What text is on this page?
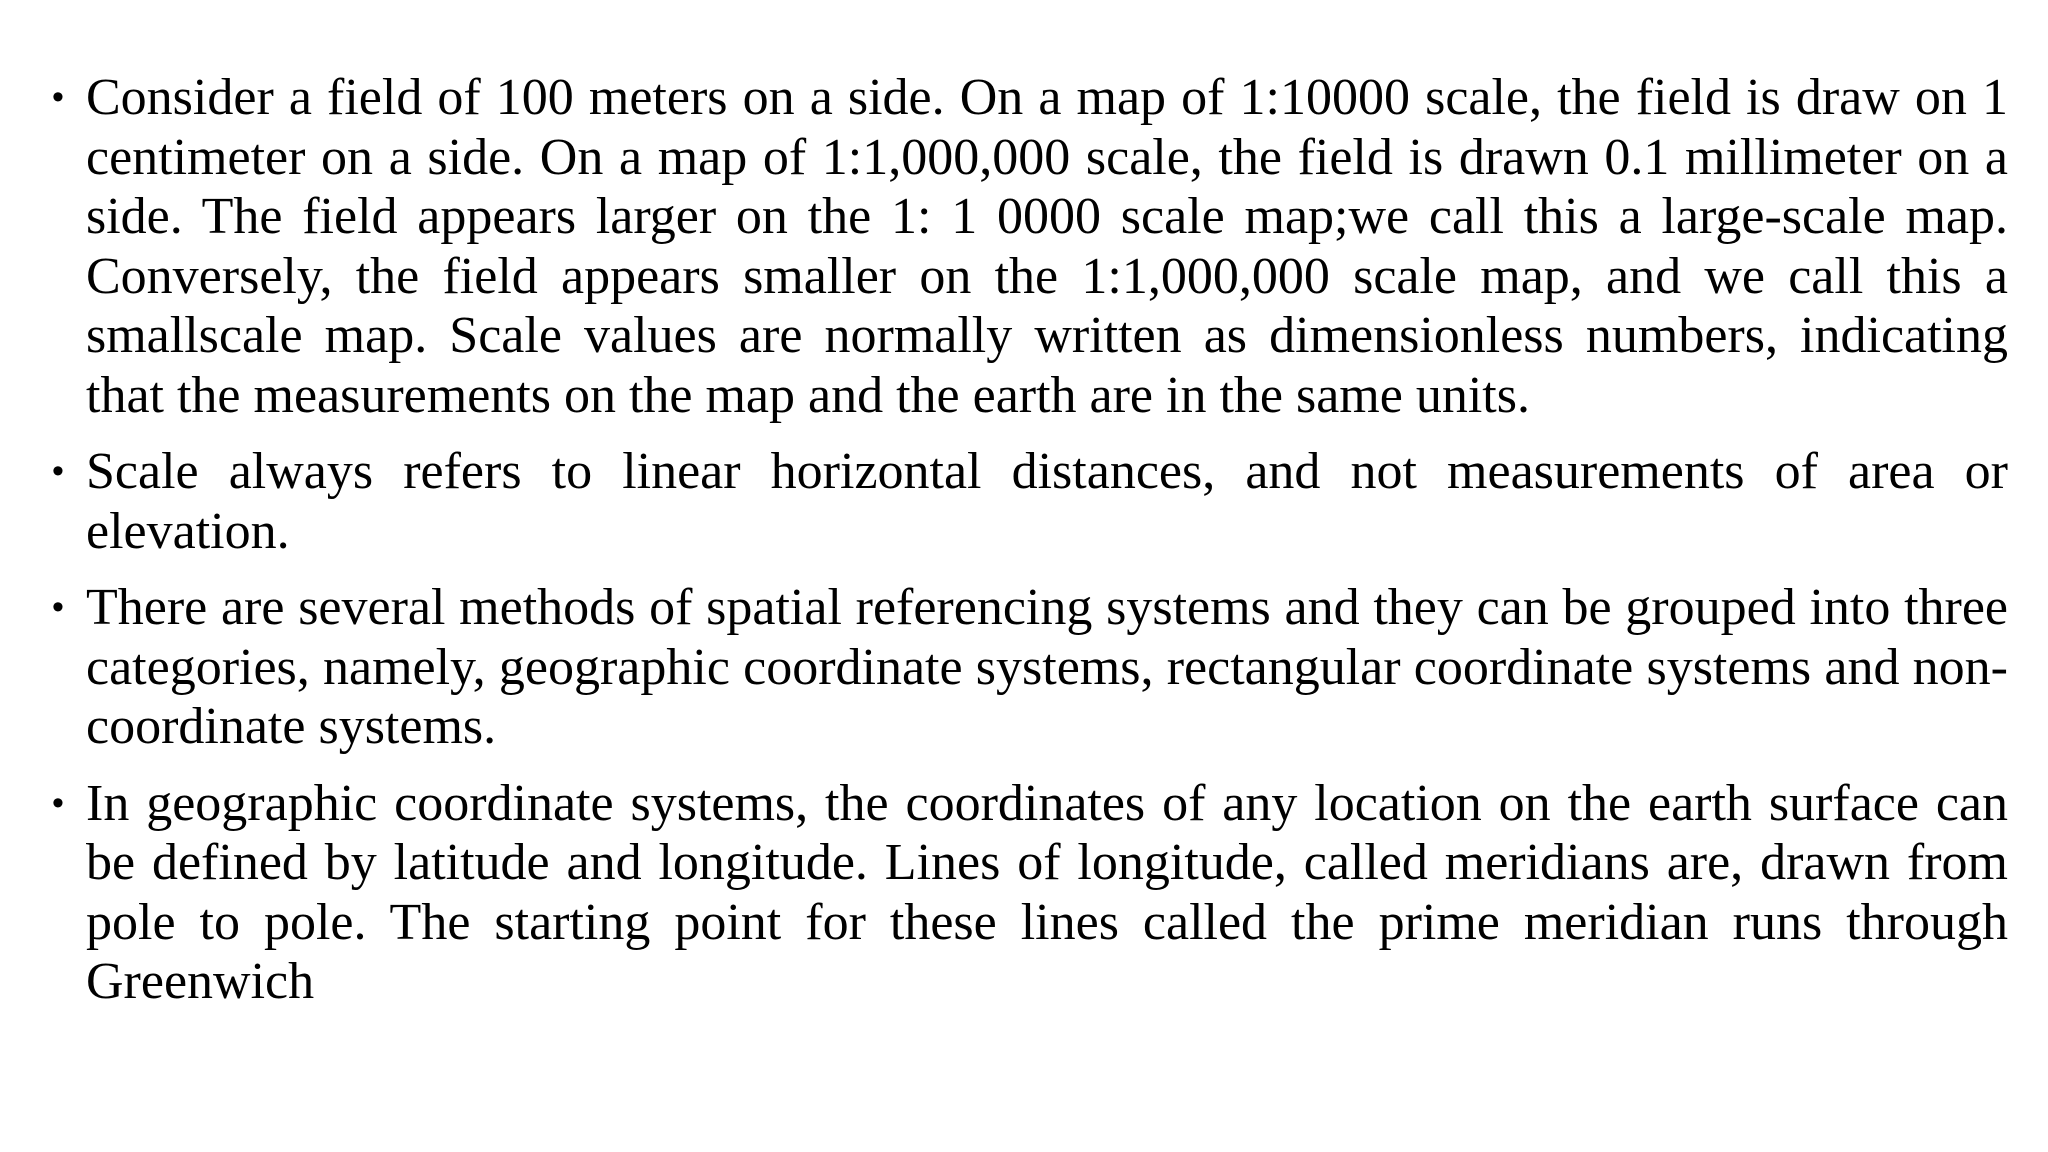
• Consider a field of 100 meters on a side. On a map of 1:10000 scale, the field is draw on 1 centimeter on a side. On a map of 1:1,000,000 scale, the field is drawn 0.1 millimeter on a side. The field appears larger on the 1: 1 0000 scale map;we call this a large-scale map. Conversely, the field appears smaller on the 1:1,000,000 scale map, and we call this a smallscale map. Scale values are normally written as dimensionless numbers, indicating that the measurements on the map and the earth are in the same units.
• Scale always refers to linear horizontal distances, and not measurements of area or elevation.
• There are several methods of spatial referencing systems and they can be grouped into three categories, namely, geographic coordinate systems, rectangular coordinate systems and non-coordinate systems.
• In geographic coordinate systems, the coordinates of any location on the earth surface can be defined by latitude and longitude. Lines of longitude, called meridians are, drawn from pole to pole. The starting point for these lines called the prime meridian runs through Greenwich
